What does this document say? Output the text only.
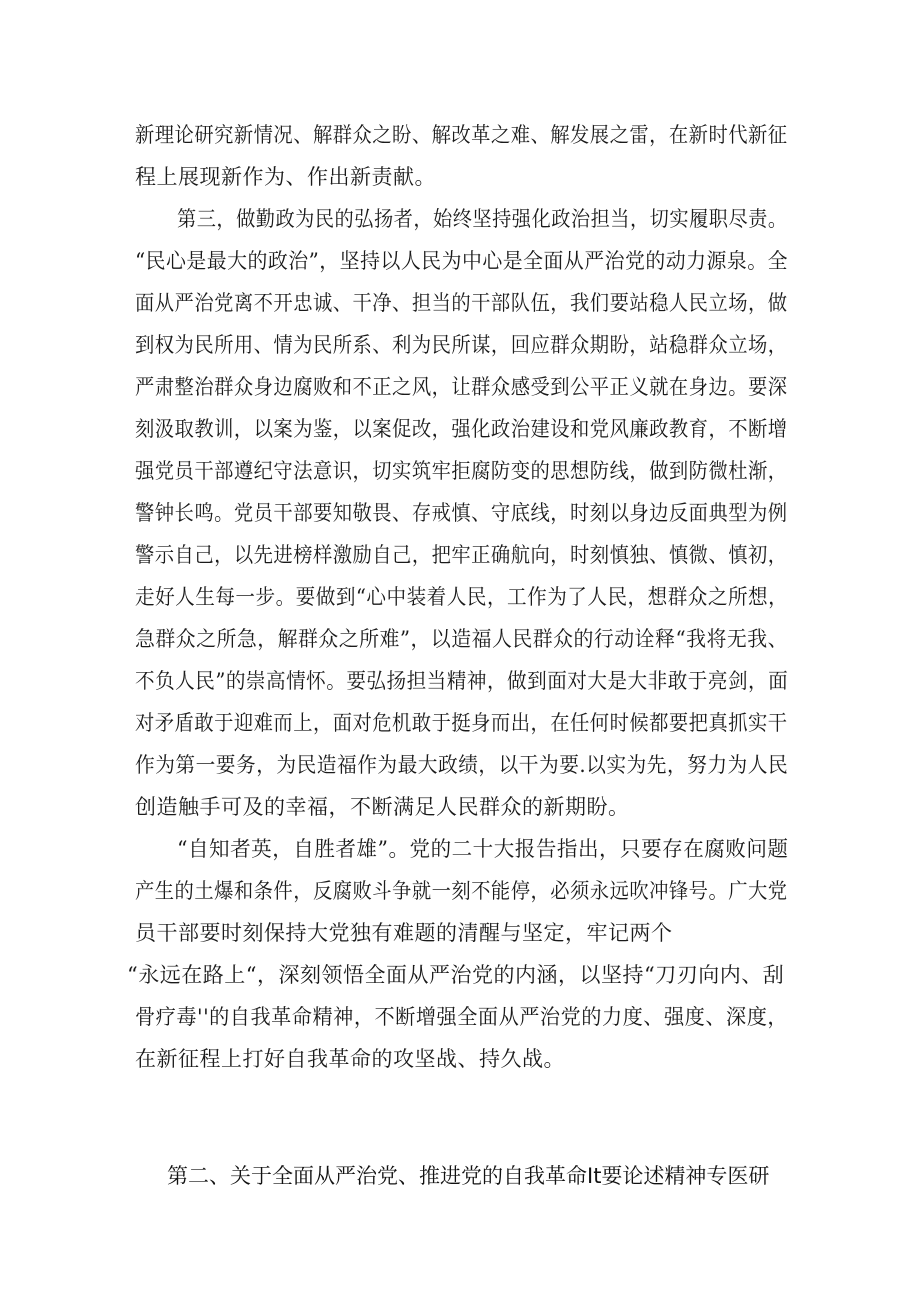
新理论研究新情况、解群众之盼、解改革之难、解发展之雷，在新时代新征
程上展现新作为、作出新责献。
第三，做勤政为民的弘扬者，始终坚持强化政治担当，切实履职尽责。
“民心是最大的政治”，坚持以人民为中心是全面从严治党的动力源泉。全
面从严治党离不开忠诚、干净、担当的干部队伍，我们要站稳人民立场，做
到权为民所用、情为民所系、利为民所谋，回应群众期盼，站稳群众立场，
严肃整治群众身边腐败和不正之风，让群众感受到公平正义就在身边。要深
刻汲取教训，以案为鉴，以案促改，强化政治建设和党风廉政教育，不断增
强党员干部遵纪守法意识，切实筑牢拒腐防变的思想防线，做到防微杜渐，
警钟长鸣。党员干部要知敬畏、存戒慎、守底线，时刻以身边反面典型为例
警示自己，以先进榜样激励自己，把牢正确航向，时刻慎独、慎微、慎初，
走好人生每一步。要做到“心中装着人民，工作为了人民，想群众之所想，
急群众之所急，解群众之所难”，以造福人民群众的行动诠释“我将无我、
不负人民”的崇高情怀。要弘扬担当精神，做到面对大是大非敢于亮剑，面
对矛盾敢于迎难而上，面对危机敢于挺身而出，在任何时候都要把真抓实干
作为第一要务，为民造福作为最大政绩，以干为要.以实为先，努力为人民
创造触手可及的幸福，不断满足人民群众的新期盼。
“自知者英，自胜者雄”。党的二十大报告指出，只要存在腐败问题
产生的土爆和条件，反腐败斗争就一刻不能停，必须永远吹冲锋号。广大党
员干部要时刻保持大党独有难题的清醒与坚定，牢记两个
“永远在路上“，深刻领悟全面从严治党的内涵，以坚持“刀刃向内、刮
骨疗毒''的自我革命精神，不断增强全面从严治党的力度、强度、深度，
在新征程上打好自我革命的攻坚战、持久战。
第二、关于全面从严治党、推进党的自我革命It要论述精神专医研
